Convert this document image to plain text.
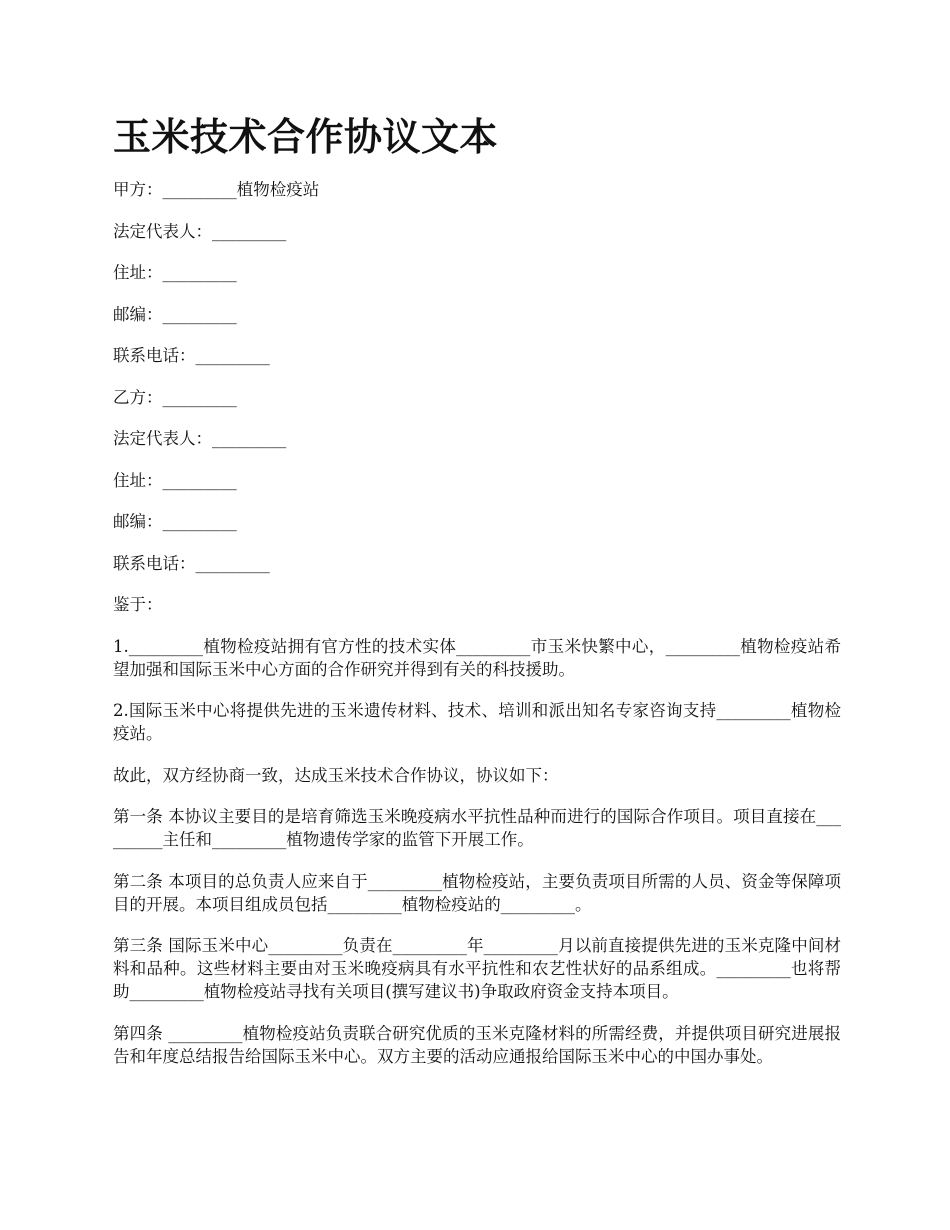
玉米技术合作协议文本

甲方：_________植物检疫站

法定代表人：_________

住址：_________

邮编：_________

联系电话：_________

乙方：_________

法定代表人：_________

住址：_________

邮编：_________

联系电话：_________

鉴于：

1._________植物检疫站拥有官方性的技术实体_________市玉米快繁中心，_________植物检疫站希望加强和国际玉米中心方面的合作研究并得到有关的科技援助。

2.国际玉米中心将提供先进的玉米遗传材料、技术、培训和派出知名专家咨询支持_________植物检疫站。

故此，双方经协商一致，达成玉米技术合作协议，协议如下：

第一条 本协议主要目的是培育筛选玉米晚疫病水平抗性品种而进行的国际合作项目。项目直接在_________主任和_________植物遗传学家的监管下开展工作。

第二条 本项目的总负责人应来自于_________植物检疫站，主要负责项目所需的人员、资金等保障项目的开展。本项目组成员包括_________植物检疫站的_________。

第三条 国际玉米中心_________负责在_________年_________月以前直接提供先进的玉米克隆中间材料和品种。这些材料主要由对玉米晚疫病具有水平抗性和农艺性状好的品系组成。_________也将帮助_________植物检疫站寻找有关项目(撰写建议书)争取政府资金支持本项目。

第四条 _________植物检疫站负责联合研究优质的玉米克隆材料的所需经费，并提供项目研究进展报告和年度总结报告给国际玉米中心。双方主要的活动应通报给国际玉米中心的中国办事处。
